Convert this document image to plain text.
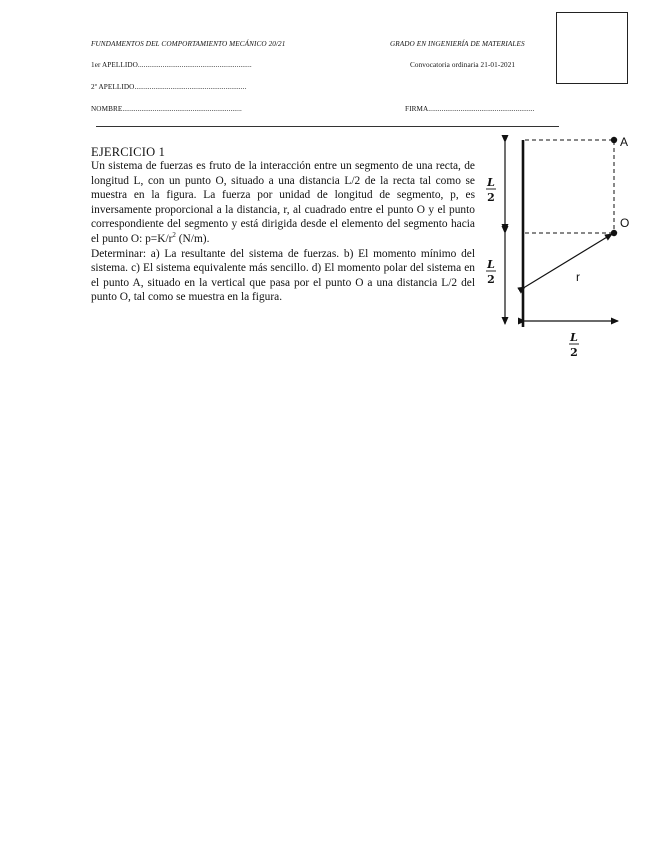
FUNDAMENTOS DEL COMPORTAMIENTO MECÁNICO 20/21	GRADO EN INGENIERÍA DE MATERIALES
1er APELLIDO............................................................	Convocatoria ordinaria 21-01-2021
2º APELLIDO...........................................................
NOMBRE...............................................................	FIRMA........................................................
EJERCICIO 1

Un sistema de fuerzas es fruto de la interacción entre un segmento de una recta, de longitud L, con un punto O, situado a una distancia L/2 de la recta tal como se muestra en la figura. La fuerza por unidad de longitud de segmento, p, es inversamente proporcional a la distancia, r, al cuadrado entre el punto O y el punto correspondiente del segmento y está dirigida desde el elemento del segmento hacia el punto O: $p=K/r^2$ (N/m).

Determinar: a) La resultante del sistema de fuerzas. b) El momento mínimo del sistema. c) El sistema equivalente más sencillo. d) El momento polar del sistema en el punto A, situado en la vertical que pasa por el punto O a una distancia L/2 del punto O, tal como se muestra en la figura.

A
O
r
L
2
L
2
L
2
